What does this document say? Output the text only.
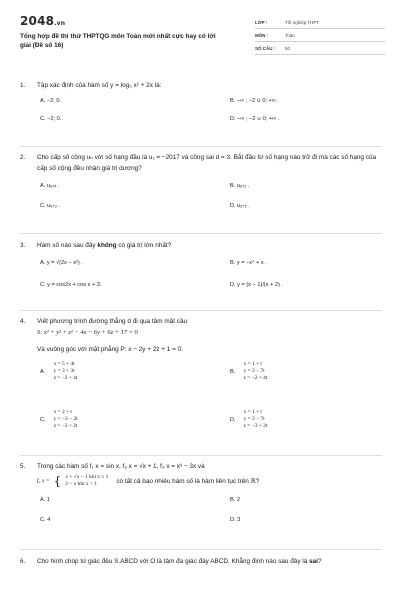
2048.vn
Tổng hợp đề thi thử THPTQG môn Toán mới nhất cực hay có lời giải (Đề số 16)
LỚP :	Tốt nghiệp THPT
MÔN :	Toán
SỐ CÂU :	50
1. Tập xác định của hàm số y = log₃ x² + 2x là:
A. −2; 0.	B. −∞ ; −2 ∪ 0; +∞ .
C. −2; 0.	D. −∞ ; −2 ∪ 0; +∞ .
2. Cho cấp số cộng uₙ với số hạng đầu là u₁ = −2017 và công sai d = 3. Bắt đầu từ số hạng nào trở đi mà các số hạng của cấp số cộng đều nhận giá trị dương?
A. u₆₇₄ .	B. u₆₇₂ .
C. u₆₇₃ .	D. u₆₇₅ .
3. Hàm số nào sau đây không có giá trị lớn nhất?
A. y = √(2x − x²) .	B. y = −x⁴ + x .
C. y = cos2x + cos x + 3.	D. y = (x − 1)/(x + 2) .
4. Viết phương trình đường thẳng d đi qua tâm mặt cầu
S: x² + y² + z² − 4x − 6y + 6z + 17 = 0
Và vuông góc với mặt phẳng P: x − 2y + 2z + 1 = 0.
A. x = 5 + 4t
y = 3 + 3t
z = −2 + 4t
B. x = 1 + t
y = 3 − 7t
z = −2 + 4t
C. x = 2 + t
y = −3 − 2t
z = −3 + 2t
D. x = 1 + t
y = 3 − 7t
z = −3 + 2t
5. Trong các hàm số f₁ x = sin x, f₂ x = √x + 1, f₃ x = x³ − 3x và
f₄ x = { x + √x − 1 khi x ≥ 1
2 − x khi x < 1	có tất cả bao nhiêu hàm số là hàm liên tục trên ℝ?
A. 1	B. 2
C. 4	D. 3
6. Cho hình chóp tứ giác đều S.ABCD với O là tâm đa giác đáy ABCD. Khẳng định nào sau đây là sai?
